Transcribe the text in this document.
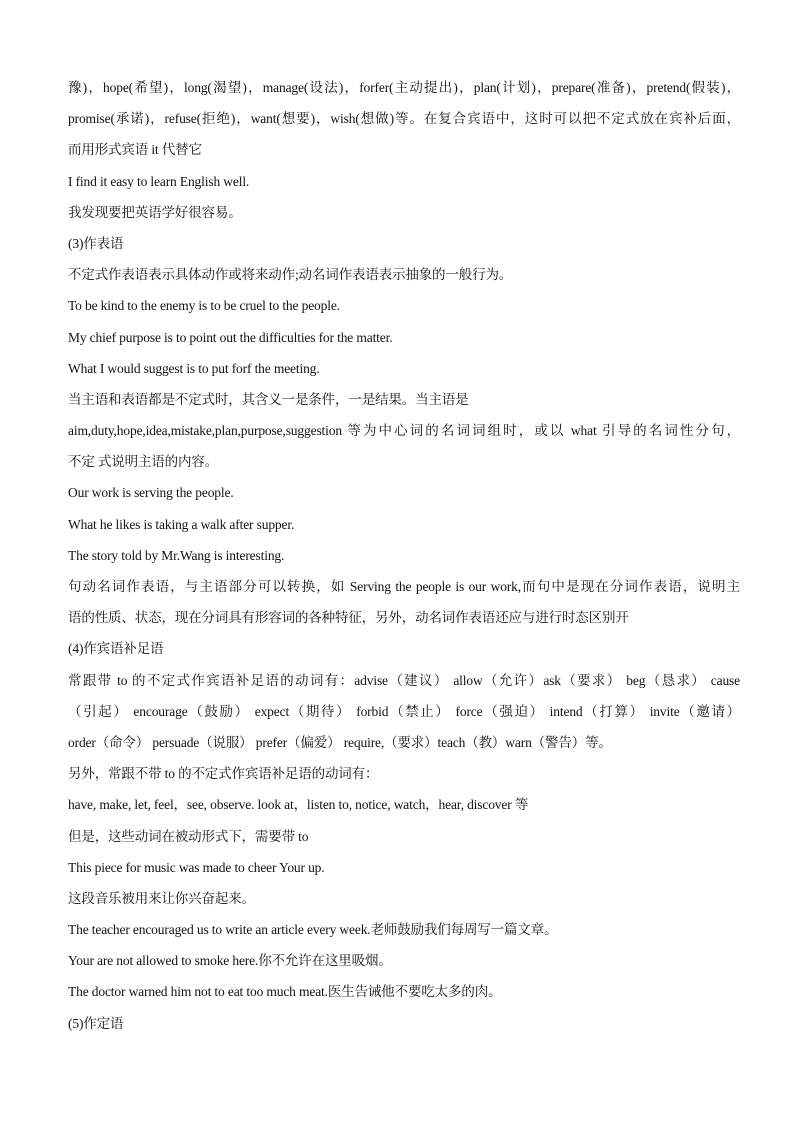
豫)，hope(希望)，long(渴望)，manage(设法)，forfer(主动提出)，plan(计划)，prepare(准备)，pretend(假装)，
promise(承诺)，refuse(拒绝)，want(想要)，wish(想做)等。在复合宾语中，这时可以把不定式放在宾补后面，
而用形式宾语 it 代替它
I find it easy to learn English well.
我发现要把英语学好很容易。
(3)作表语
不定式作表语表示具体动作或将来动作;动名词作表语表示抽象的一般行为。
To be kind to the enemy is to be cruel to the people.
My chief purpose is to point out the difficulties for the matter.
What I would suggest is to put forf the meeting.
当主语和表语都是不定式时，其含义一是条件，一是结果。当主语是
aim,duty,hope,idea,mistake,plan,purpose,suggestion 等为中心词的名词词组时，或以 what 引导的名词性分句，
不定 式说明主语的内容。
Our work is serving the people.
What he likes is taking a walk after supper.
The story told by Mr.Wang is interesting.
句动名词作表语，与主语部分可以转换，如 Serving the people is our work,而句中是现在分词作表语，说明主
语的性质、状态，现在分词具有形容词的各种特征，另外，动名词作表语还应与进行时态区别开
(4)作宾语补足语
常跟带 to 的不定式作宾语补足语的动词有：advise（建议） allow（允许）ask（要求） beg（恳求） cause
（引起） encourage（鼓励） expect（期待） forbid（禁止） force（强迫） intend（打算） invite（邀请）
order（命令） persuade（说服） prefer（偏爱） require,（要求）teach（教）warn（警告）等。
另外，常跟不带 to 的不定式作宾语补足语的动词有：
have, make, let, feel，see, observe. look at，listen to, notice, watch，hear, discover 等
但是，这些动词在被动形式下，需要带 to
This piece for music was made to cheer Your up.
这段音乐被用来让你兴奋起来。
The teacher encouraged us to write an article every week.老师鼓励我们每周写一篇文章。
Your are not allowed to smoke here.你不允许在这里吸烟。
The doctor warned him not to eat too much meat.医生告诫他不要吃太多的肉。
(5)作定语
